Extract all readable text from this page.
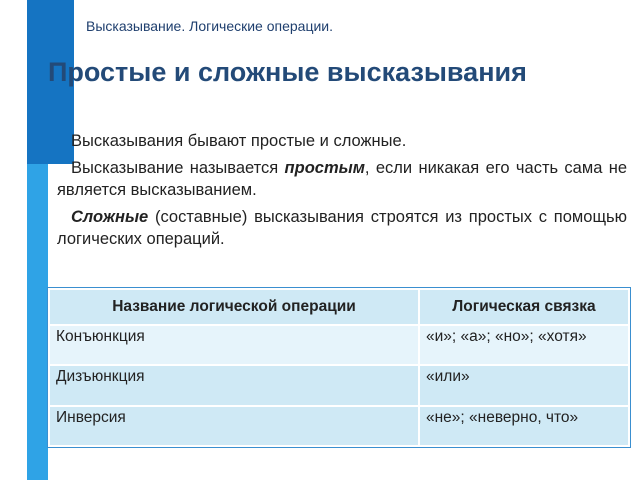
Высказывание. Логические операции.
Простые и сложные высказывания

Высказывания бывают простые и сложные.

Высказывание называется простым, если никакая его часть сама не является высказыванием.

Сложные (составные) высказывания строятся из простых с помощью логических операций.

Название логической операции	Логическая связка
Конъюнкция	«и»; «а»; «но»; «хотя»
Дизъюнкция	«или»
Инверсия	«не»; «неверно, что»
